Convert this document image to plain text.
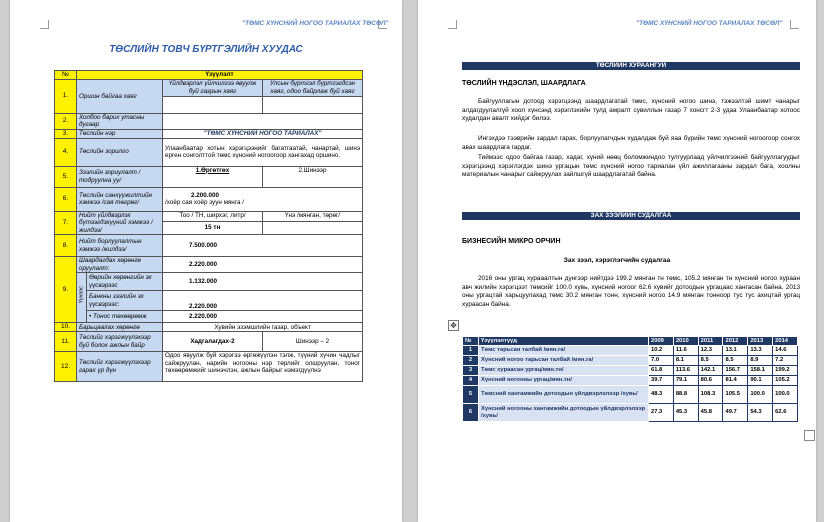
"ТӨМС ХҮНСНИЙ НОГОО ТАРИАЛАХ ТӨСӨЛ"
ТӨСЛИЙН ТОВЧ БҮРТГЭЛИЙН ХУУДАС
№	Үзүүлэлт			
1.	Оршин байгаа хаяг		Үйлдвэрлэл үйлчилгээ явуулж буй газрын хаяг	Улсын бүртгэл бүртгэгдсэн хаяг, одоо байрлаж буй хаяг

2.	Холбоо барих утасны дугаар			
3.	Төслийн нэр		"ТӨМС ХҮНСНИЙ НОГОО ТАРИАЛАХ"	
4.	Төслийн зорилго		Улаанбаатар хотын хэрэгцээнийг багатгаатай, чанартай, шинэ ерген сонголттой төмс хүнсний ногоогоор хангахад оршино.	
5.	Зээлийн зориулалт /тодруулна уу/		1.Өргөтгөх	2.Шинээр
6.	Төслийн санхүүжилтийн хэмжээ /сая төгрөг/		2.200.000
/хоёр сая хоёр зуун мянга /	

7.	Нийт үйлдвэрлэх бүтээгдэхүүний хэмжээ /жилдээ/		Тоо / ТН, ширхэг, литр/	Үнэ /мянган, төрөг/
			15 тн	
8.	Нийт борлуулалтын хэмжээ /жилдээ/		7.500.000	
9.	Шаардагдах хөрөнгө оруулалт:		2.220.000	

	Үүнээс	Өөрийн хөрөнгийн эх үүсвэрээс	1.132.000	
		Банкны зээлийн эх үүсвэрээс:	2.220.000	
		• Тонос төхөөрөмж	2.220.000	
10.	Барьцаалах хөрөнгө		Хувийн эзэмшлийн газар, объект	
11.	Төслийг хэрэгжүүлэхээр буй болох ажлын байр		Хадгалагдах-2	Шинээр – 2
12.	Төслийг хэрэгжүүлэхээр гарах үр дүн		Одоо явуулж буй хэрэгээ өргөжүүлэн тэлж, түүний хүчин чадлыг сайжруулан, нарийн ногооны нэр төрлийг олшруулан, тоног төхөөрөмжийг шинэчлэн, ажлын байрыг нэмэгдүүлнэ	
"ТӨМС ХҮНСНИЙ НОГОО ТАРИАЛАХ ТӨСӨЛ"
ТӨСЛИЙН ХУРААНГУЙ
ТӨСЛИЙН ҮНДЭСЛЭЛ, ШААРДЛАГА
Байгууллагын дотоод хэрэгцээнд шаардлагатай төмс, хүнсний ногоо шинэ, тэжээлтэй шимт чанарыг алдагдуулалгүй хоол хүнсэнд хэрэглэхийн тулд амралт сувиллын газар 7 хонсгт 2-3 удаа Улаанбаатар хотоос худалдан авалт хийдэг билээ.
Ингэхдээ тээврийн зардал гарах, борлуулагчдын худалдаж буй яаа бүрийн төмс хүнсний ногоогоор сонгох авах шаардлага гардаг.
Тиймээс одоо байгаа газар, хадаг, хүний нөөц боломжиндоо тулгуурлаад үйлчилгээний байгууллагуудыг хэрэгцээнд хэрэглэгдэх шинэ ургацын төмс хүнсний ногоо тариалан үйл ажиллагааны зардал бага, хоолны материалын чанарыг сайжруулах зайлшгүй шаардлагатай байна.
ЗАХ ЗЭЭЛИЙН СУДАЛГАА
БИЗНЕСИЙН МИКРО ОРЧИН
Зах зээл, хэрэглэгчийн судалгаа
2016 оны ургац хурааалтын дүнгээр нийтдээ 199.2 мянган тн төмс, 105.2 мянган тн хүнсний ногоо хураан авч жилийн хэрэгцээт төмсийг 100.0 хувь, хүнсний ногоог 62.6 хувийг дотоодын ургацаас хангасан байна. 2013 оны ургацтай харьцуулахад төмс 30.2 мянган тонн, хүнсний ногоо 14.9 мянган тонноор тус тус ахицтай ургац хураасан байна.
✥
№	Үзүүлэлтүүд	2009	2010	2011	2012	2013	2014
1	Төмс тарьсан талбай /мян.га/	10.2	11.6	12.3	13.1	13.3	14.6
2	Хүнсний ногоо тарьсан талбай /мян.га/	7.0	8.1	8.5	8.5	8.9	7.2
3	Төмс хураасан ургац/мян.тн/	61.8	113.6	142.1	156.7	158.1	199.2
4	Хүнсний ногооны ургац/мян.тн/	39.7	79.1	80.6	81.4	90.1	105.2
5	Төмсний хангамжийн дотоодын үйлдвэрлэлээр /хувь/	48.3	88.8	108.3	105.5	100.0	100.0
6	Хүнсний ногооны хангамжийн дотоодын үйлдвэрлэлээр /хувь/	27.3	45.3	45.8	49.7	54.3	62.6
